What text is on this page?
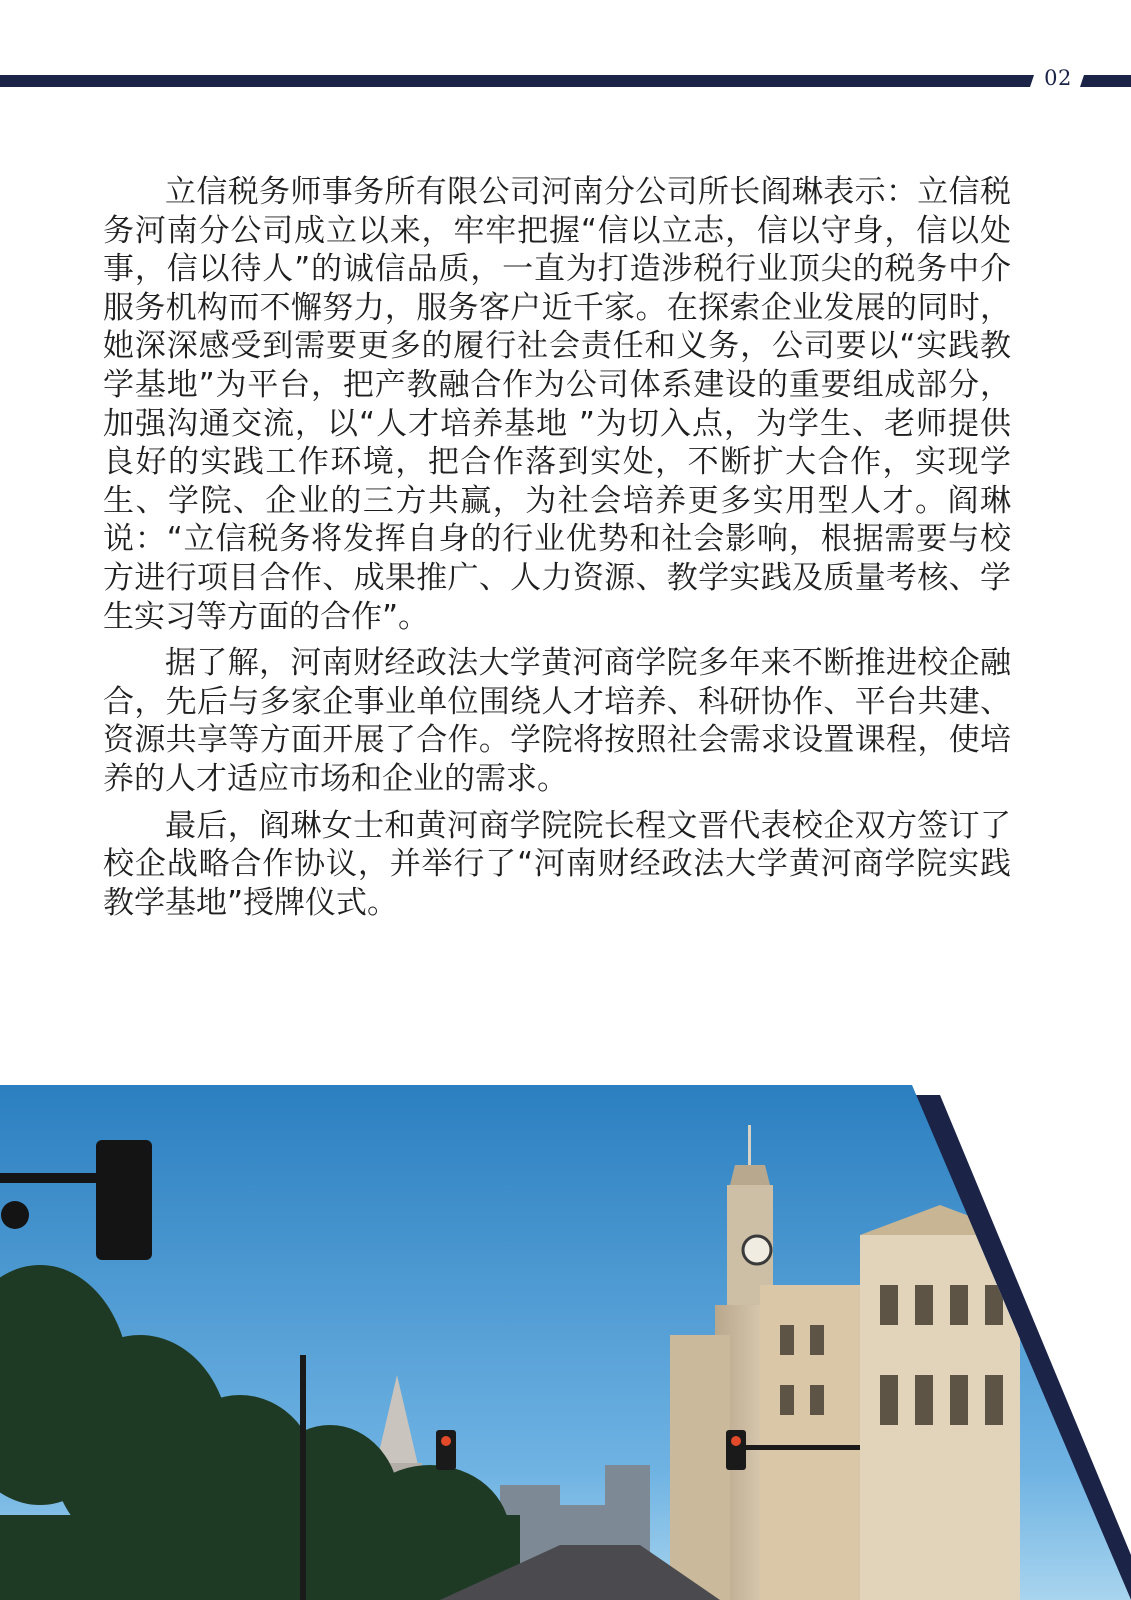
02

立信税务师事务所有限公司河南分公司所长阎琳表示：立信税务河南分公司成立以来，牢牢把握“信以立志，信以守身，信以处事，信以待人”的诚信品质，一直为打造涉税行业顶尖的税务中介服务机构而不懈努力，服务客户近千家。在探索企业发展的同时，她深深感受到需要更多的履行社会责任和义务，公司要以“实践教学基地”为平台，把产教融合作为公司体系建设的重要组成部分，加强沟通交流，以“人才培养基地 ”为切入点，为学生、老师提供良好的实践工作环境，把合作落到实处，不断扩大合作，实现学生、学院、企业的三方共赢，为社会培养更多实用型人才。阎琳说：“立信税务将发挥自身的行业优势和社会影响，根据需要与校方进行项目合作、成果推广、人力资源、教学实践及质量考核、学生实习等方面的合作”。

据了解，河南财经政法大学黄河商学院多年来不断推进校企融合，先后与多家企事业单位围绕人才培养、科研协作、平台共建、资源共享等方面开展了合作。学院将按照社会需求设置课程，使培养的人才适应市场和企业的需求。

最后，阎琳女士和黄河商学院院长程文晋代表校企双方签订了校企战略合作协议，并举行了“河南财经政法大学黄河商学院实践教学基地”授牌仪式。
